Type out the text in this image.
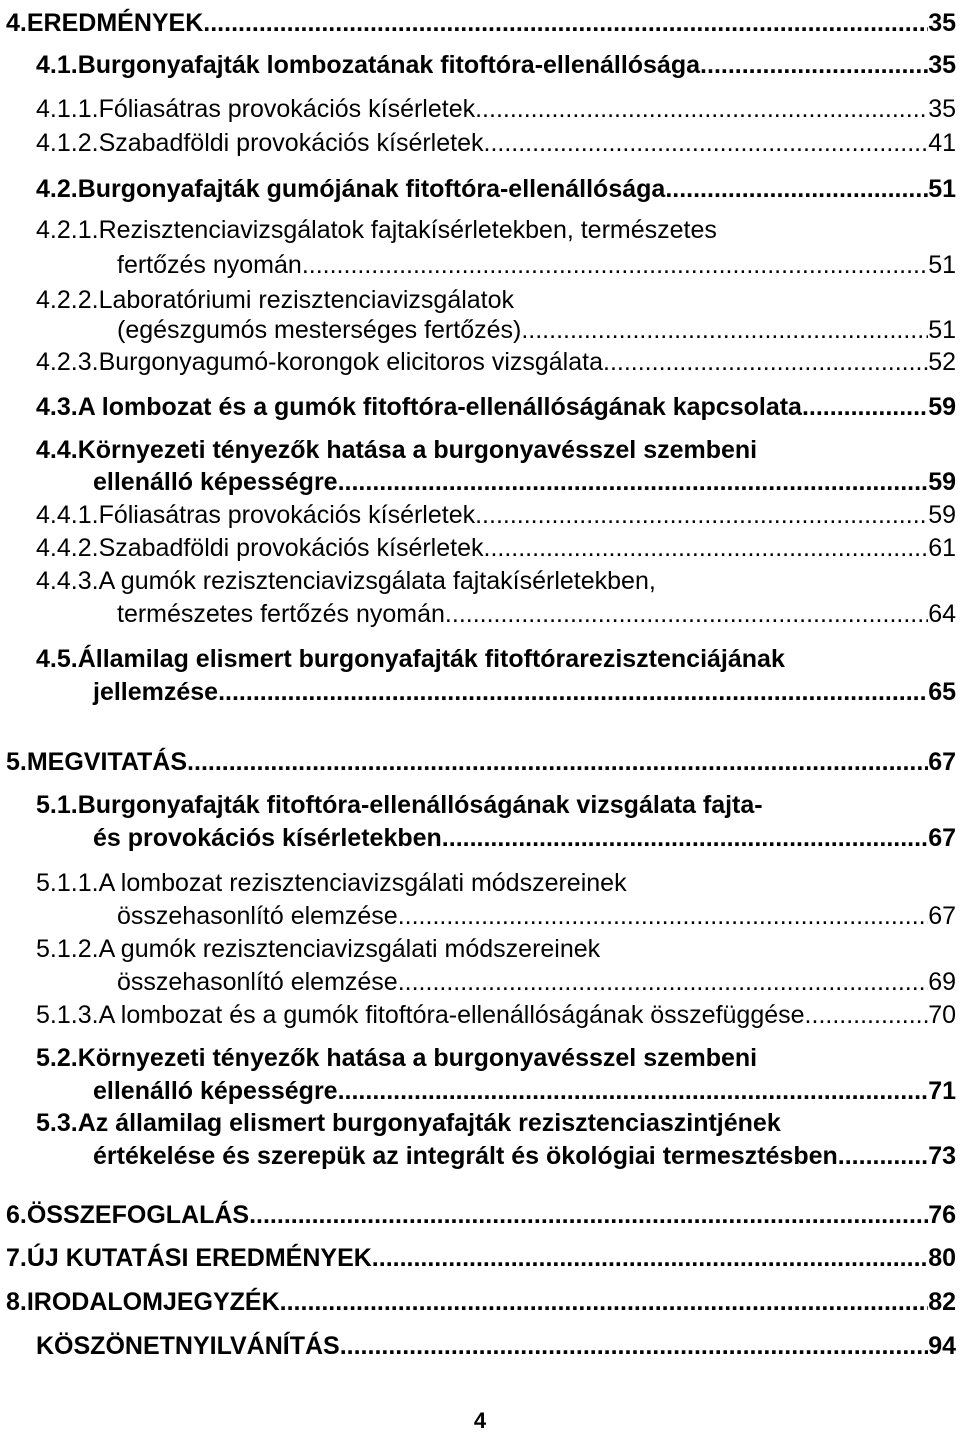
4. EREDMÉNYEK .....	35
4.1. Burgonyafajták lombozatának fitoftóra-ellenállósága .....	35
4.1.1. Fóliasátras provokációs kísérletek .....	35
4.1.2. Szabadföldi provokációs kísérletek .....	41
4.2. Burgonyafajták gumójának fitoftóra-ellenállósága .....	51
4.2.1. Rezisztenciavizsgálatok fajtakísérletekben, természetes
fertőzés nyomán .....	51
4.2.2. Laboratóriumi rezisztenciavizsgálatok
(egészgumós mesterséges fertőzés) .....	51
4.2.3. Burgonyagumó-korongok elicitoros vizsgálata .....	52
4.3. A lombozat és a gumók fitoftóra-ellenállóságának kapcsolata .....	59
4.4. Környezeti tényezők hatása a burgonyavésszel szembeni
ellenálló képességre .....	59
4.4.1. Fóliasátras provokációs kísérletek .....	59
4.4.2. Szabadföldi provokációs kísérletek .....	61
4.4.3. A gumók rezisztenciavizsgálata fajtakísérletekben,
természetes fertőzés nyomán .....	64
4.5. Államilag elismert burgonyafajták fitoftórarezisztenciájának
jellemzése .....	65
5. MEGVITATÁS .....	67
5.1. Burgonyafajták fitoftóra-ellenállóságának vizsgálata fajta-
és provokációs kísérletekben .....	67
5.1.1. A lombozat rezisztenciavizsgálati módszereinek
összehasonlító elemzése .....	67
5.1.2. A gumók rezisztenciavizsgálati módszereinek
összehasonlító elemzése .....	69
5.1.3. A lombozat és a gumók fitoftóra-ellenállóságának összefüggése .....	70
5.2. Környezeti tényezők hatása a burgonyavésszel szembeni
ellenálló képességre .....	71
5.3. Az államilag elismert burgonyafajták rezisztenciaszintjének
értékelése és szerepük az integrált és ökológiai termesztésben. .....	73
6. ÖSSZEFOGLALÁS .....	76
7. ÚJ KUTATÁSI EREDMÉNYEK .....	80
8. IRODALOMJEGYZÉK .....	82
KÖSZÖNETNYILVÁNÍTÁS .....	94
4
